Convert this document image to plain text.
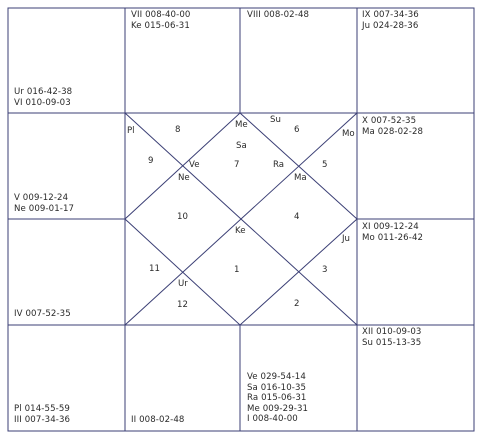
Ur 016-42-38
VI 010-09-03
VII 008-40-00
Ke 015-06-31
VIII 008-02-48	IX 007-34-36
Ju 024-28-36
V 009-12-24
Ne 009-01-17
IV 007-52-35
X 007-52-35
Ma 028-02-28
XI 009-12-24
Mo 011-26-42
Pl 014-55-59
III 007-34-36	II 008-02-48
Ve 029-54-14
Sa 016-10-35
Ra 015-06-31
Me 009-29-31
I 008-40-00
XII 010-09-03
Su 015-13-35
1
2
3
4
5
6
7
8
9
10
11
12
Me
Sa
Su
Mo
Pl
Ve
Ne
Ra
Ma
Ke
Ju
Ur
